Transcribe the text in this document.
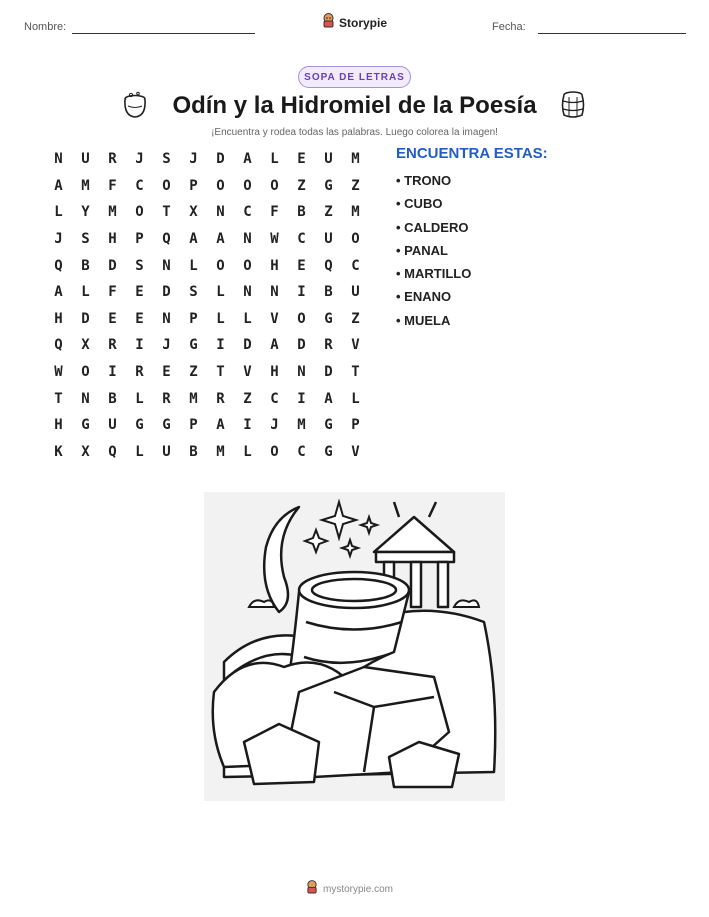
Nombre:	Storypie	Fecha:
SOPA DE LETRAS
Odín y la Hidromiel de la Poesía
¡Encuentra y rodea todas las palabras. Luego colorea la imagen!
N	U	R	J	S	J	D	A	L	E	U	M
A	M	F	C	O	P	O	O	O	Z	G	Z
L	Y	M	O	T	X	N	C	F	B	Z	M
J	S	H	P	Q	A	A	N	W	C	U	O
Q	B	D	S	N	L	O	O	H	E	Q	C
A	L	F	E	D	S	L	N	N	I	B	U
H	D	E	E	N	P	L	L	V	O	G	Z
Q	X	R	I	J	G	I	D	A	D	R	V
W	O	I	R	E	Z	T	V	H	N	D	T
T	N	B	L	R	M	R	Z	C	I	A	L
H	G	U	G	G	P	A	I	J	M	G	P
K	X	Q	L	U	B	M	L	O	C	G	V
ENCUENTRA ESTAS:
• TRONO
• CUBO
• CALDERO
• PANAL
• MARTILLO
• ENANO
• MUELA
mystorypie.com
